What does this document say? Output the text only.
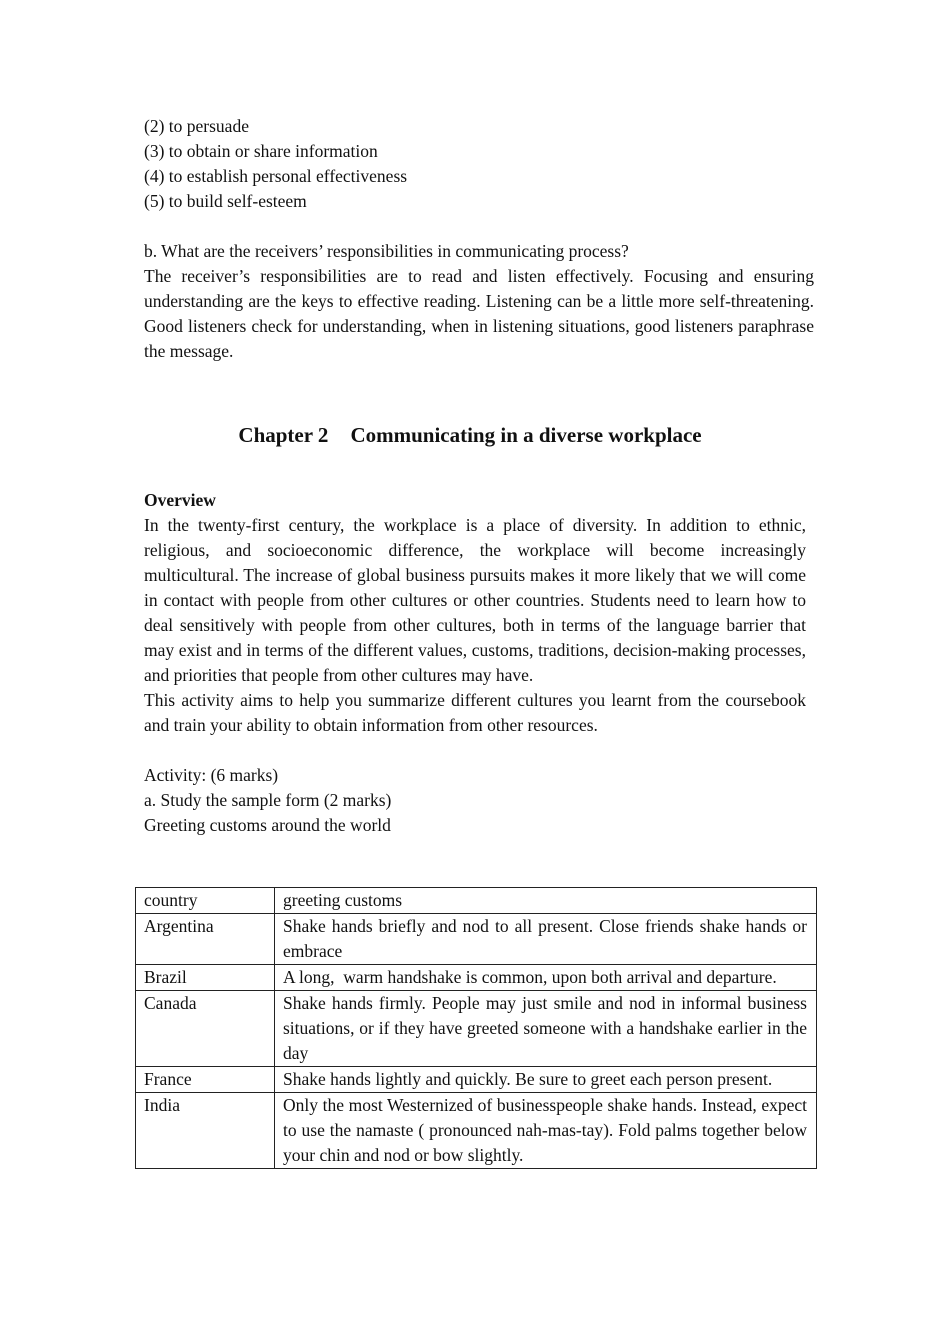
(2) to persuade
(3) to obtain or share information
(4) to establish personal effectiveness
(5) to build self-esteem
b. What are the receivers’ responsibilities in communicating process?

The receiver’s responsibilities are to read and listen effectively. Focusing and ensuring understanding are the keys to effective reading. Listening can be a little more self-threatening. Good listeners check for understanding, when in listening situations, good listeners paraphrase the message.

Chapter 2 Communicating in a diverse workplace
Overview

In the twenty-first century, the workplace is a place of diversity. In addition to ethnic, religious, and socioeconomic difference, the workplace will become increasingly multicultural. The increase of global business pursuits makes it more likely that we will come in contact with people from other cultures or other countries. Students need to learn how to deal sensitively with people from other cultures, both in terms of the language barrier that may exist and in terms of the different values, customs, traditions, decision-making processes, and priorities that people from other cultures may have.

This activity aims to help you summarize different cultures you learnt from the coursebook and train your ability to obtain information from other resources.

Activity: (6 marks)
a. Study the sample form (2 marks)
Greeting customs around the world
country	greeting customs
Argentina	Shake hands briefly and nod to all present. Close friends shake hands or embrace
Brazil	A long,  warm handshake is common, upon both arrival and departure.
Canada	Shake hands firmly. People may just smile and nod in informal business situations, or if they have greeted someone with a handshake earlier in the day
France	Shake hands lightly and quickly. Be sure to greet each person present.
India	Only the most Westernized of businesspeople shake hands. Instead, expect to use the namaste ( pronounced nah-mas-tay). Fold palms together below your chin and nod or bow slightly.
